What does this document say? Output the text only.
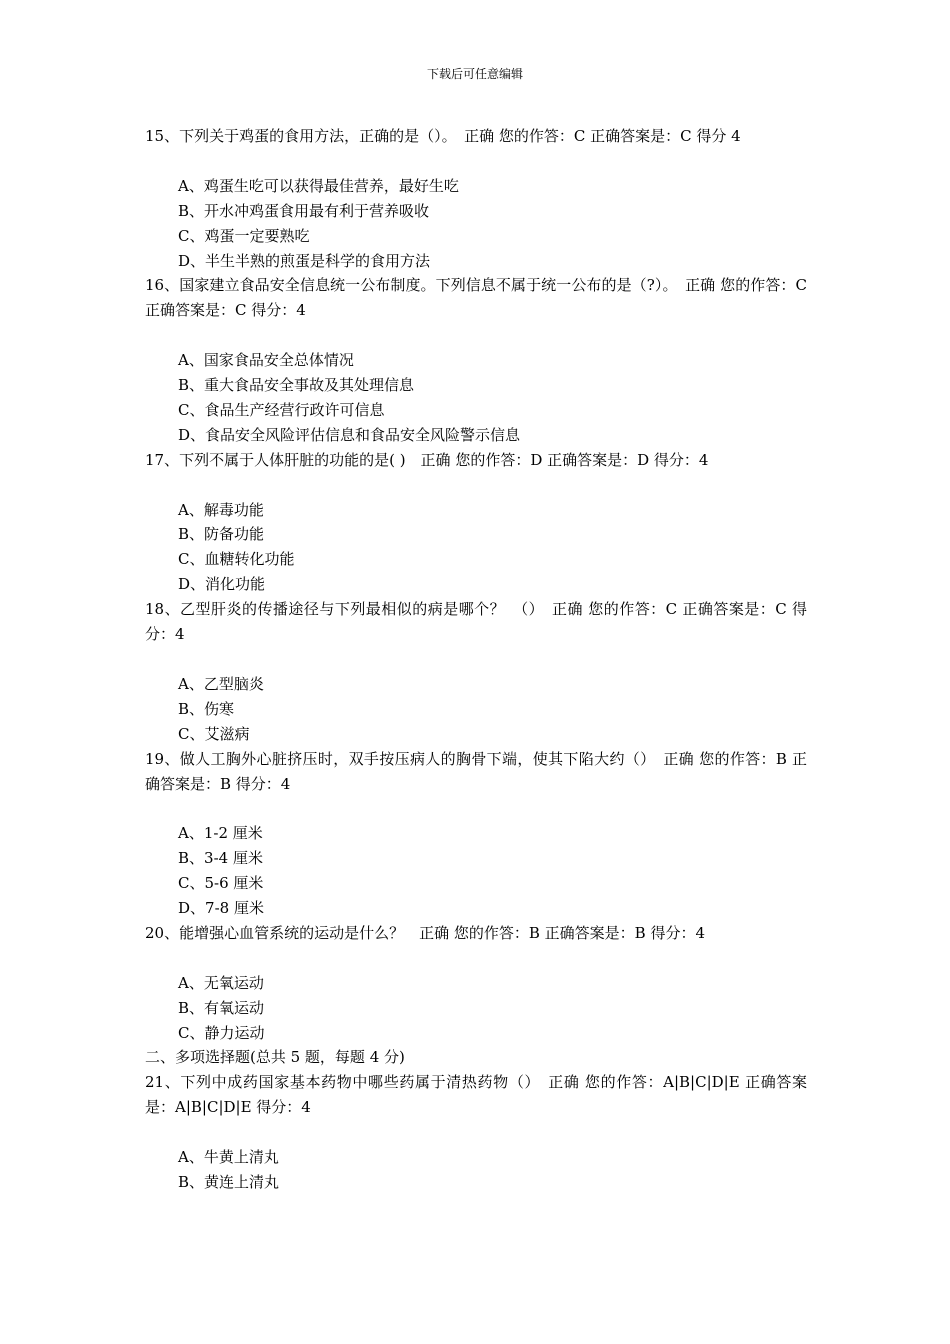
下载后可任意编辑

15、下列关于鸡蛋的食用方法，正确的是（）。　正确 您的作答：C 正确答案是：C 得分 4

A、鸡蛋生吃可以获得最佳营养，最好生吃
B、开水冲鸡蛋食用最有利于营养吸收
C、鸡蛋一定要熟吃
D、半生半熟的煎蛋是科学的食用方法

16、国家建立食品安全信息统一公布制度。下列信息不属于统一公布的是（?）。　正确 您的作答：C 正确答案是：C 得分：4

A、国家食品安全总体情况
B、重大食品安全事故及其处理信息
C、食品生产经营行政许可信息
D、食品安全风险评估信息和食品安全风险警示信息

17、下列不属于人体肝脏的功能的是( )　正确 您的作答：D 正确答案是：D 得分：4

A、解毒功能
B、防备功能
C、血糖转化功能
D、消化功能

18、乙型肝炎的传播途径与下列最相似的病是哪个？　（）　正确 您的作答：C 正确答案是：C 得分：4

A、乙型脑炎
B、伤寒
C、艾滋病

19、做人工胸外心脏挤压时，双手按压病人的胸骨下端，使其下陷大约（）　正确 您的作答：B 正确答案是：B 得分：4

A、1-2 厘米
B、3-4 厘米
C、5-6 厘米
D、7-8 厘米

20、能增强心血管系统的运动是什么？　正确 您的作答：B 正确答案是：B 得分：4

A、无氧运动
B、有氧运动
C、静力运动

二、多项选择题(总共 5 题，每题 4 分)

21、下列中成药国家基本药物中哪些药属于清热药物（）　正确 您的作答：A|B|C|D|E 正确答案是：A|B|C|D|E 得分：4

A、牛黄上清丸
B、黄连上清丸
